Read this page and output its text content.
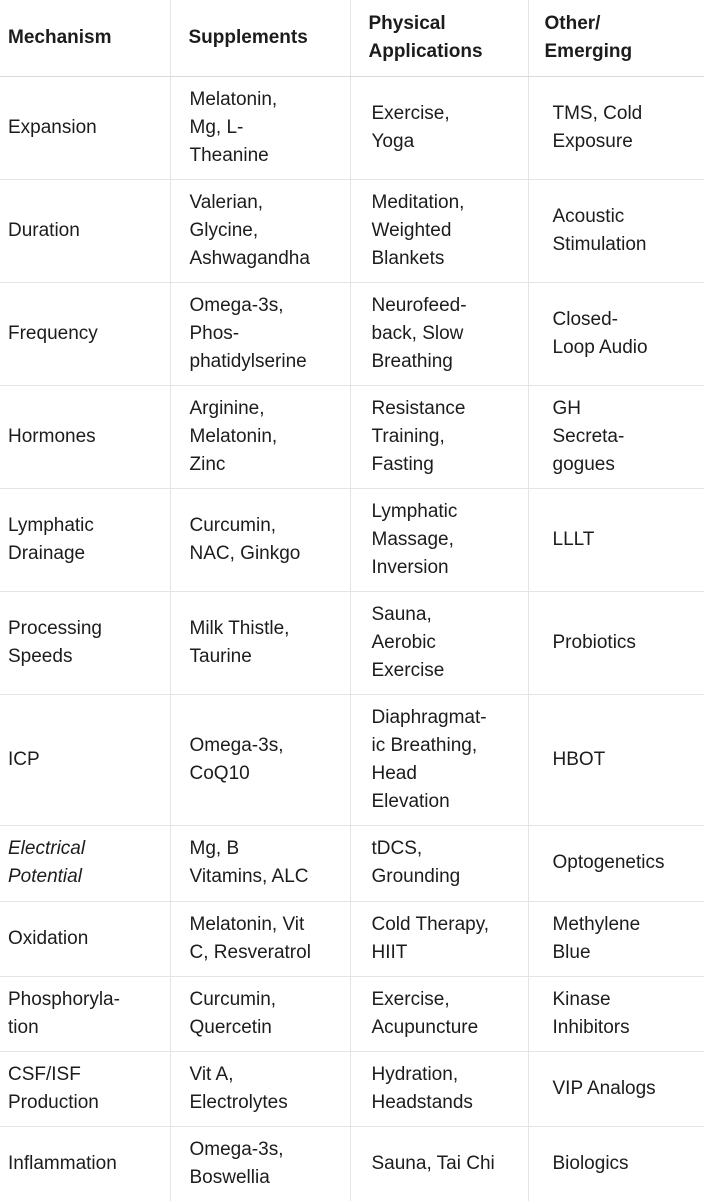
Mechanism	Supplements	Physical
Applications	Other/
Emerging

Expansion	Melatonin,
Mg, L-
Theanine	Exercise,
Yoga	TMS, Cold
Exposure

Duration	Valerian,
Glycine,
Ashwagandha	Meditation,
Weighted
Blankets	Acoustic
Stimulation

Frequency	Omega-3s,
Phos-
phatidylserine	Neurofeed-
back, Slow
Breathing	Closed-
Loop Audio

Hormones	Arginine,
Melatonin,
Zinc	Resistance
Training,
Fasting	GH
Secreta-
gogues

Lymphatic
Drainage	Curcumin,
NAC, Ginkgo	Lymphatic
Massage,
Inversion	LLLT

Processing
Speeds	Milk Thistle,
Taurine	Sauna,
Aerobic
Exercise	Probiotics

ICP	Omega-3s,
CoQ10	Diaphragmat-
ic Breathing,
Head
Elevation	HBOT

Electrical
Potential	Mg, B
Vitamins, ALC	tDCS,
Grounding	Optogenetics

Oxidation	Melatonin, Vit
C, Resveratrol	Cold Therapy,
HIIT	Methylene
Blue

Phosphoryla-
tion	Curcumin,
Quercetin	Exercise,
Acupuncture	Kinase
Inhibitors

CSF/ISF
Production	Vit A,
Electrolytes	Hydration,
Headstands	VIP Analogs

Inflammation	Omega-3s,
Boswellia	Sauna, Tai Chi	Biologics
